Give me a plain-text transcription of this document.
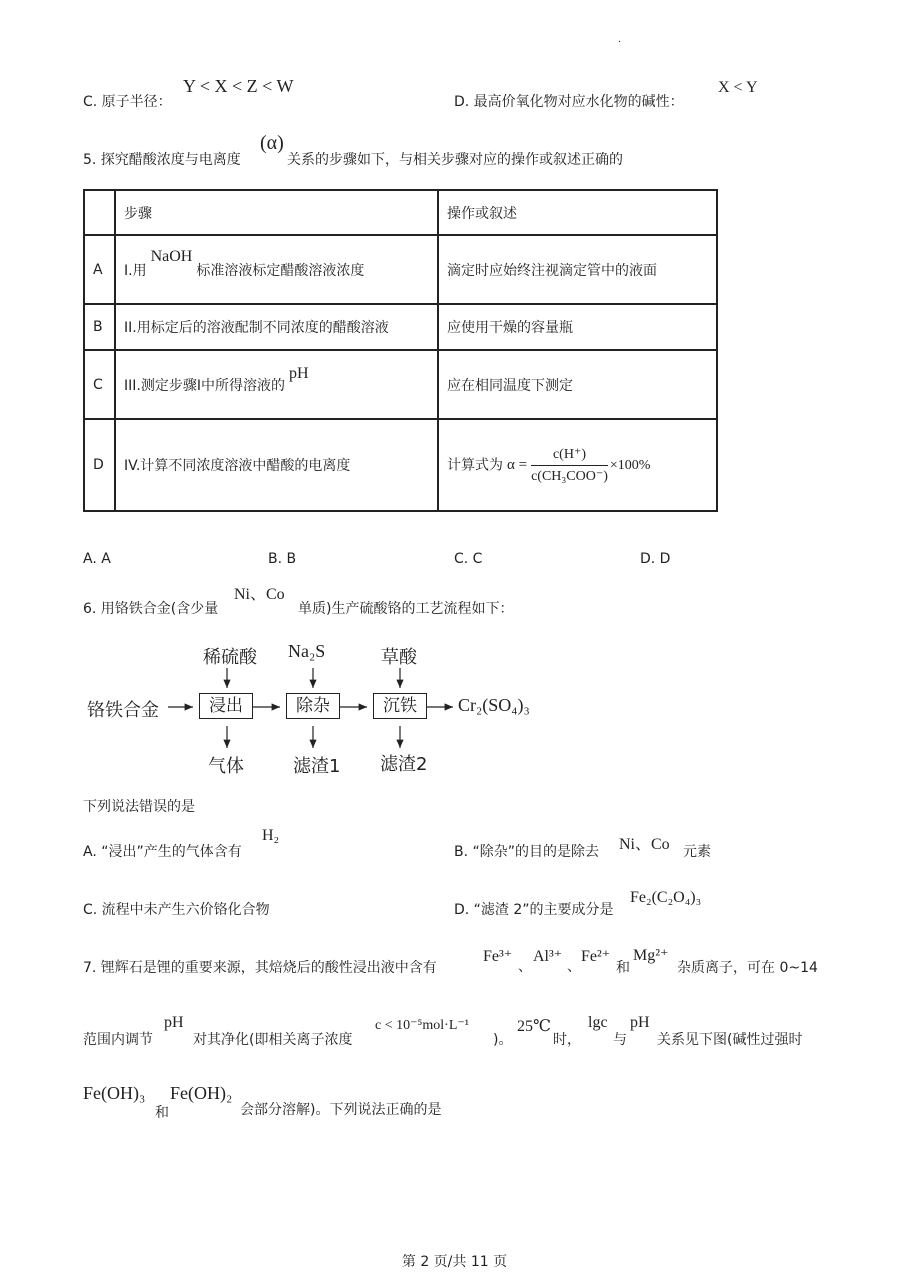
.
C. 原子半径：
Y < X < Z < W
D. 最高价氧化物对应水化物的碱性：
X < Y
5. 探究醋酸浓度与电离度
(α)
关系的步骤如下，与相关步骤对应的操作或叙述正确的
	步骤	操作或叙述
A	I.用NaOH标准溶液标定醋酸溶液浓度	滴定时应始终注视滴定管中的液面
B	II.用标定后的溶液配制不同浓度的醋酸溶液	应使用干燥的容量瓶
C	III.测定步骤I中所得溶液的pH	应在相同温度下测定
D	IV.计算不同浓度溶液中醋酸的电离度	计算式为 $\alpha = \frac{c(H^+)}{\text{c(CH₃COO⁻)}} \times 100\%$
A. A	B. B	C. C	D. D
6. 用铬铁合金(含少量
Ni、Co
单质)生产硫酸铬的工艺流程如下：
铬铁合金	浸出	除杂	沉铁	Cr₂(SO₄)₃
稀硫酸 Na₂S	草酸
气体	滤渣1 滤渣2
下列说法错误的是
A. “浸出”产生的气体含有
H₂
B. “除杂”的目的是除去 Ni、Co 元素
C. 流程中未产生六价铬化合物	D. “滤渣 2”的主要成分是
Fe₂(C₂O₄)₃
7. 锂辉石是锂的重要来源，其焙烧后的酸性浸出液中含有
Fe³⁺
、
Al³⁺
、
Fe²⁺
和
Mg²⁺
杂质离子，可在 0~14
范围内调节
pH
对其净化(即相关离子浓度
c < 10⁻⁵mol·L⁻¹
)。
25℃
时，
lgc
与
pH
关系见下图(碱性过强时
Fe(OH)₃
和
Fe(OH)₂
会部分溶解)。下列说法正确的是
第 2 页/共 11 页
